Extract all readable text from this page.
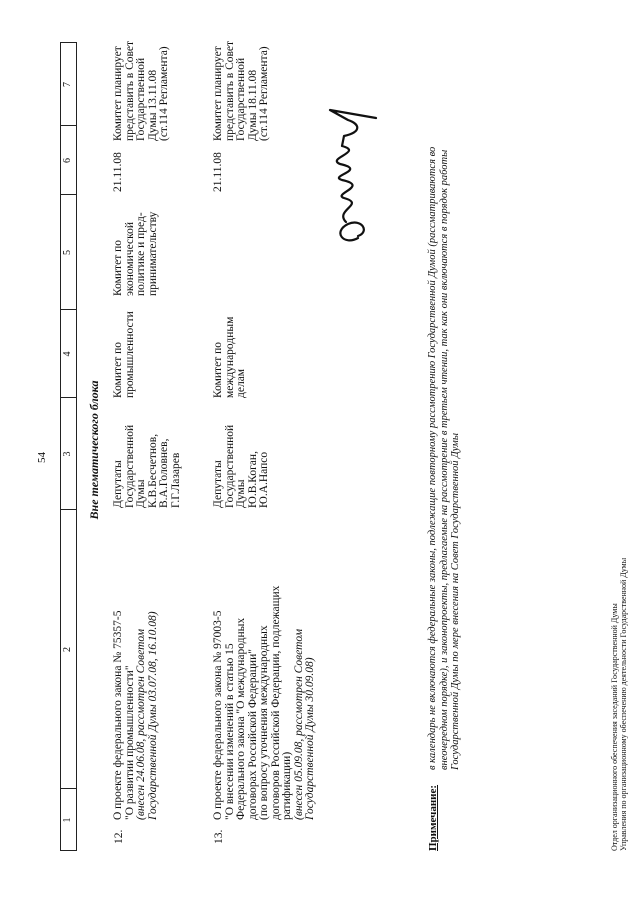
54
1
2
3
4
5
6
7
Вне тематического блока
12.
О проекте федерального закона № 75357-5 "О развитии промышленности" (внесен 24.06.08, рассмотрен Советом Государственной Думы 03.07.08, 16.10.08)
Депутаты Государственной Думы К.В.Бесчетнов, В.А.Головнев, Г.Г.Лазарев
Комитет по промышленности
Комитет по экономической политике и пред- принимательству
21.11.08
Комитет планирует представить в Совет Государственной Думы 13.11.08 (ст.114 Регламента)
13.
О проекте федерального закона № 97003-5 "О внесении изменений в статью 15 Федерального закона "О международных договорах Российской Федерации" (по вопросу уточнения международных договоров Российской Федерации, подлежащих ратификации) (внесен 05.09.08, рассмотрен Советом Государственной Думы 30.09.08)
Депутаты Государственной Думы Ю.В.Коган, Ю.А.Напсо
Комитет по международным делам
21.11.08
Комитет планирует представить в Совет Государственной Думы 18.11.08 (ст.114 Регламента)
Примечание:
в календарь не включаются федеральные законы, подлежащие повторному рассмотрению Государственной Думой (рассматриваются во внеочередном порядке), и законопроекты, предлагаемые на рассмотрение в третьем чтении, так как они включаются в порядок работы Государственной Думы по мере внесения на Совет Государственной Думы	Отдел организационного обеспечения заседаний Государственной Думы Управления по организационному обеспечению деятельности Государственной Думы
